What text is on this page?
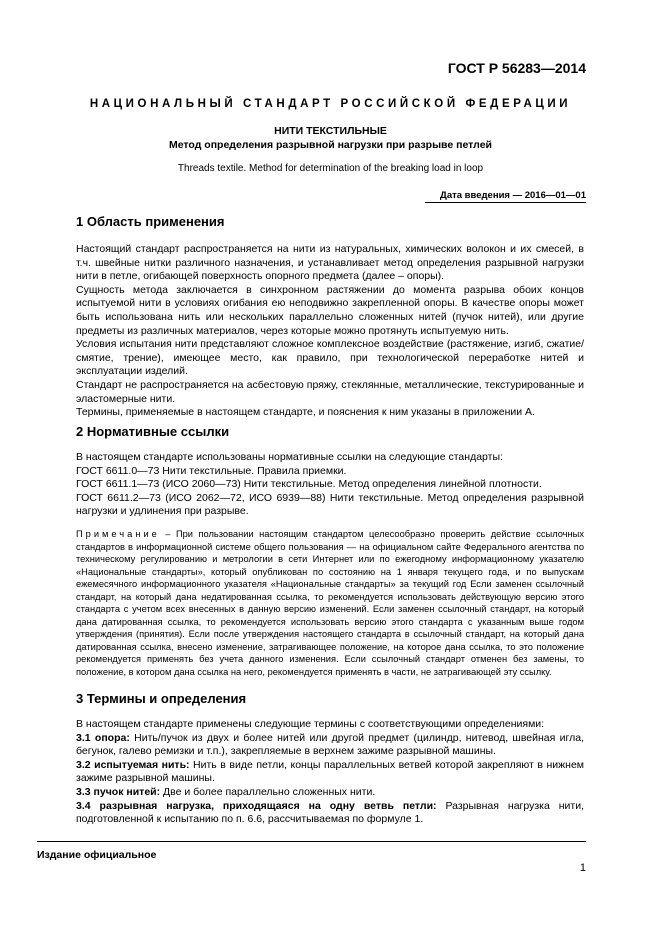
ГОСТ Р 56283—2014
НАЦИОНАЛЬНЫЙ СТАНДАРТ РОССИЙСКОЙ ФЕДЕРАЦИИ
НИТИ ТЕКСТИЛЬНЫЕ
Метод определения разрывной нагрузки при разрыве петлей
Threads textile. Method for determination of the breaking load in loop
Дата введения — 2016—01—01
1 Область применения

Настоящий стандарт распространяется на нити из натуральных, химических волокон и их смесей, в т.ч. швейные нитки различного назначения, и устанавливает метод определения разрывной нагрузки нити в петле, огибающей поверхность опорного предмета (далее – опоры).

Сущность метода заключается в синхронном растяжении до момента разрыва обоих концов испытуемой нити в условиях огибания ею неподвижно закрепленной опоры. В качестве опоры может быть использована нить или нескольких параллельно сложенных нитей (пучок нитей), или другие предметы из различных материалов, через которые можно протянуть испытуемую нить.

Условия испытания нити представляют сложное комплексное воздействие (растяжение, изгиб, сжатие/смятие, трение), имеющее место, как правило, при технологической переработке нитей и эксплуатации изделий.

Стандарт не распространяется на асбестовую пряжу, стеклянные, металлические, текстурированные и эластомерные нити.

Термины, применяемые в настоящем стандарте, и пояснения к ним указаны в приложении А.

2 Нормативные ссылки

В настоящем стандарте использованы нормативные ссылки на следующие стандарты:

ГОСТ 6611.0—73 Нити текстильные. Правила приемки.

ГОСТ 6611.1—73 (ИСО 2060—73) Нити текстильные. Метод определения линейной плотности.

ГОСТ 6611.2—73 (ИСО 2062—72, ИСО 6939—88) Нити текстильные. Метод определения разрывной нагрузки и удлинения при разрыве.

Примечание – При пользовании настоящим стандартом целесообразно проверить действие ссылочных стандартов в информационной системе общего пользования — на официальном сайте Федерального агентства по техническому регулированию и метрологии в сети Интернет или по ежегодному информационному указателю «Национальные стандарты», который опубликован по состоянию на 1 января текущего года, и по выпускам ежемесячного информационного указателя «Национальные стандарты» за текущий год Если заменен ссылочный стандарт, на который дана недатированная ссылка, то рекомендуется использовать действующую версию этого стандарта с учетом всех внесенных в данную версию изменений. Если заменен ссылочный стандарт, на который дана датированная ссылка, то рекомендуется использовать версию этого стандарта с указанным выше годом утверждения (принятия). Если после утверждения настоящего стандарта в ссылочный стандарт, на который дана датированная ссылка, внесено изменение, затрагивающее положение, на которое дана ссылка, то это положение рекомендуется применять без учета данного изменения. Если ссылочный стандарт отменен без замены, то положение, в котором дана ссылка на него, рекомендуется применять в части, не затрагивающей эту ссылку.
3 Термины и определения

В настоящем стандарте применены следующие термины с соответствующими определениями:

3.1 опора: Нить/пучок из двух и более нитей или другой предмет (цилиндр, нитевод, швейная игла, бегунок, галево ремизки и т.п.), закрепляемые в верхнем зажиме разрывной машины.

3.2 испытуемая нить: Нить в виде петли, концы параллельных ветвей которой закрепляют в нижнем зажиме разрывной машины.

3.3 пучок нитей: Две и более параллельно сложенных нити.

3.4 разрывная нагрузка, приходящаяся на одну ветвь петли: Разрывная нагрузка нити, подготовленной к испытанию по п. 6.6, рассчитываемая по формуле 1.

Издание официальное
1
